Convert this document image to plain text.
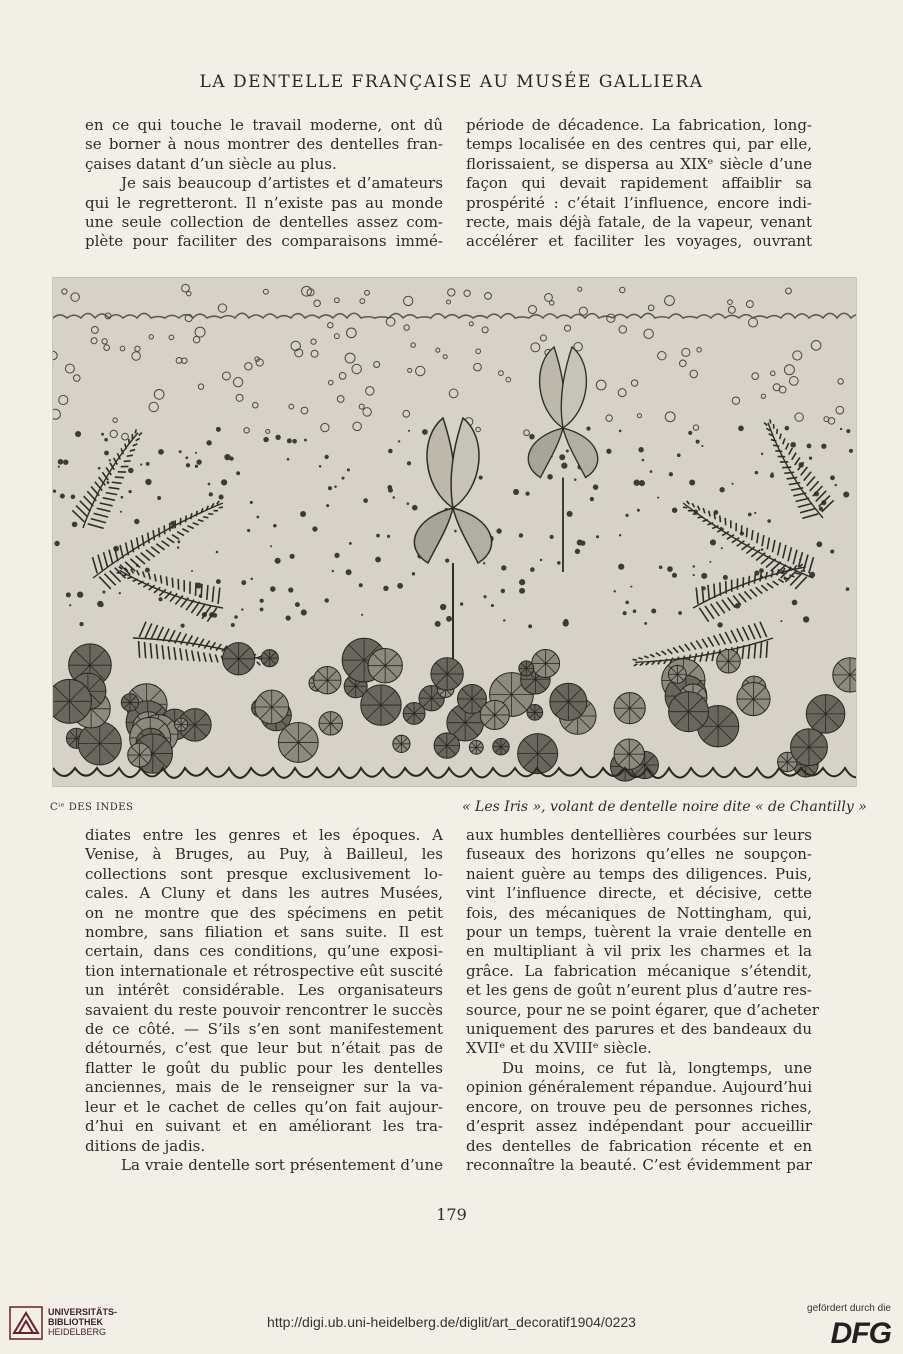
LA DENTELLE FRANÇAISE AU MUSÉE GALLIERA
en ce qui touche le travail moderne, ont dû
se borner à nous montrer des dentelles fran-
çaises datant d’un siècle au plus.
Je sais beaucoup d’artistes et d’amateurs
qui le regretteront. Il n’existe pas au monde
une seule collection de dentelles assez com-
plète pour faciliter des comparaisons immé-
période de décadence. La fabrication, long-
temps localisée en des centres qui, par elle,
florissaient, se dispersa au XIXᵉ siècle d’une
façon qui devait rapidement affaiblir sa
prospérité : c’était l’influence, encore indi-
recte, mais déjà fatale, de la vapeur, venant
accélérer et faciliter les voyages, ouvrant
Cⁱᵉ DES INDES	« Les Iris », volant de dentelle noire dite « de Chantilly »
diates entre les genres et les époques. A
Venise, à Bruges, au Puy, à Bailleul, les
collections sont presque exclusivement lo-
cales. A Cluny et dans les autres Musées,
on ne montre que des spécimens en petit
nombre, sans filiation et sans suite. Il est
certain, dans ces conditions, qu’une exposi-
tion internationale et rétrospective eût suscité
un intérêt considérable. Les organisateurs
savaient du reste pouvoir rencontrer le succès
de ce côté. — S’ils s’en sont manifestement
détournés, c’est que leur but n’était pas de
flatter le goût du public pour les dentelles
anciennes, mais de le renseigner sur la va-
leur et le cachet de celles qu’on fait aujour-
d’hui en suivant et en améliorant les tra-
ditions de jadis.
La vraie dentelle sort présentement d’une
aux humbles dentellières courbées sur leurs
fuseaux des horizons qu’elles ne soupçon-
naient guère au temps des diligences. Puis,
vint l’influence directe, et décisive, cette
fois, des mécaniques de Nottingham, qui,
pour un temps, tuèrent la vraie dentelle en
en multipliant à vil prix les charmes et la
grâce. La fabrication mécanique s’étendit,
et les gens de goût n’eurent plus d’autre res-
source, pour ne se point égarer, que d’acheter
uniquement des parures et des bandeaux du
XVIIᵉ et du XVIIIᵉ siècle.
Du moins, ce fut là, longtemps, une
opinion généralement répandue. Aujourd’hui
encore, on trouve peu de personnes riches,
d’esprit assez indépendant pour accueillir
des dentelles de fabrication récente et en
reconnaître la beauté. C’est évidemment par
179
UNIVERSITÄTS-
BIBLIOTHEK
HEIDELBERG
http://digi.ub.uni-heidelberg.de/diglit/art_decoratif1904/0223
gefördert durch die
DFG
